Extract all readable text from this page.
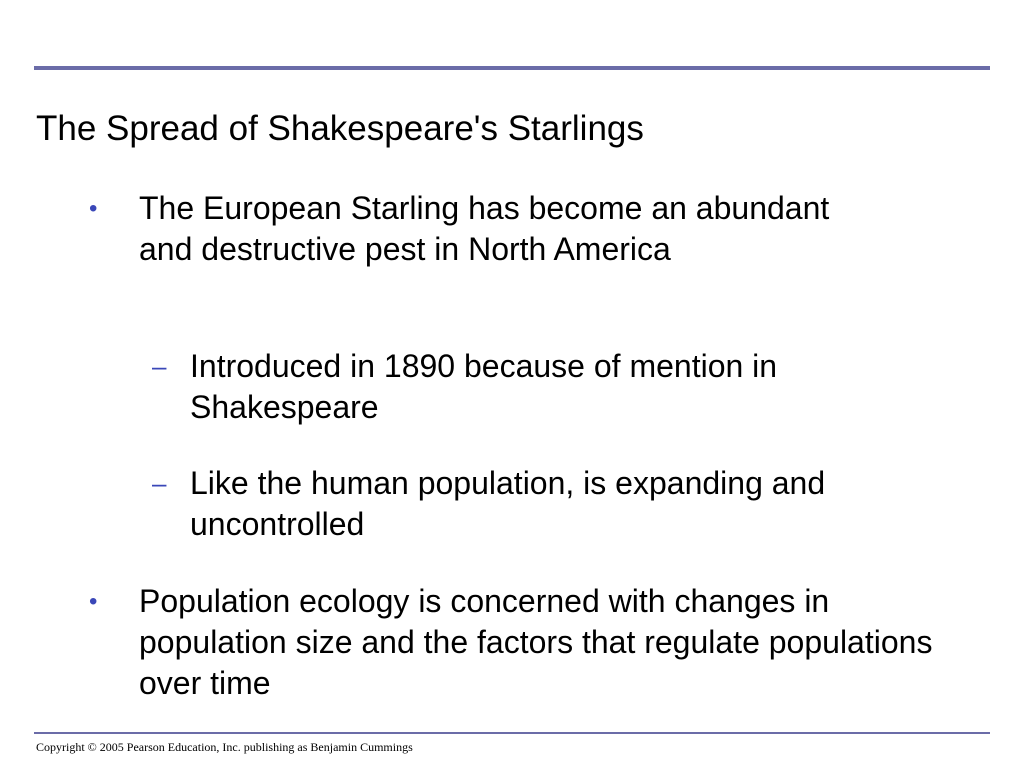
The Spread of Shakespeare's Starlings
• The European Starling has become an abundant and destructive pest in North America
– Introduced in 1890 because of mention in Shakespeare
– Like the human population, is expanding and uncontrolled
• Population ecology is concerned with changes in population size and the factors that regulate populations over time
Copyright © 2005 Pearson Education, Inc. publishing as Benjamin Cummings
